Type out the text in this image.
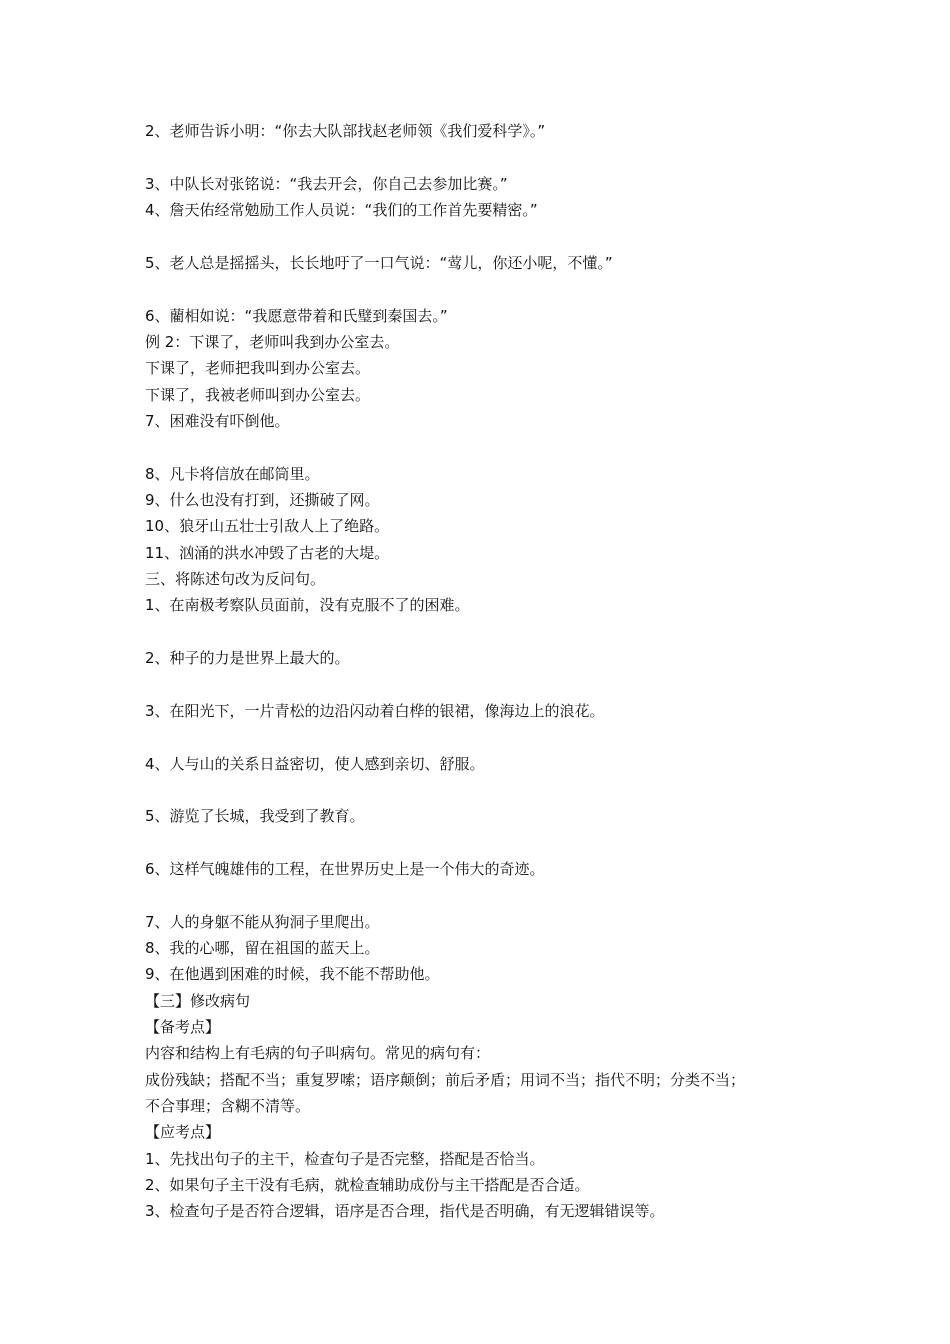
2、老师告诉小明：“你去大队部找赵老师领《我们爱科学》。”
3、中队长对张铭说：“我去开会，你自己去参加比赛。”
4、詹天佑经常勉励工作人员说：“我们的工作首先要精密。”
5、老人总是摇摇头，长长地吁了一口气说：“莺儿，你还小呢，不懂。”
6、藺相如说：“我愿意带着和氏璧到秦国去。”
例 2：下课了，老师叫我到办公室去。
下课了，老师把我叫到办公室去。
下课了，我被老师叫到办公室去。
7、困难没有吓倒他。
8、凡卡将信放在邮筒里。
9、什么也没有打到，还撕破了网。
10、狼牙山五壮士引敌人上了绝路。
11、汹涌的洪水冲毁了古老的大堤。
三、将陈述句改为反问句。
1、在南极考察队员面前，没有克服不了的困难。
2、种子的力是世界上最大的。
3、在阳光下，一片青松的边沿闪动着白桦的银裙，像海边上的浪花。
4、人与山的关系日益密切，使人感到亲切、舒服。
5、游览了长城，我受到了教育。
6、这样气魄雄伟的工程，在世界历史上是一个伟大的奇迹。
7、人的身躯不能从狗洞子里爬出。
8、我的心哪，留在祖国的蓝天上。
9、在他遇到困难的时候，我不能不帮助他。
【三】修改病句
【备考点】
内容和结构上有毛病的句子叫病句。常见的病句有：
成份残缺；搭配不当；重复罗嗦；语序颠倒；前后矛盾；用词不当；指代不明；分类不当；
不合事理；含糊不清等。
【应考点】
1、先找出句子的主干，检查句子是否完整，搭配是否恰当。
2、如果句子主干没有毛病，就检查辅助成份与主干搭配是否合适。
3、检查句子是否符合逻辑，语序是否合理，指代是否明确，有无逻辑错误等。
